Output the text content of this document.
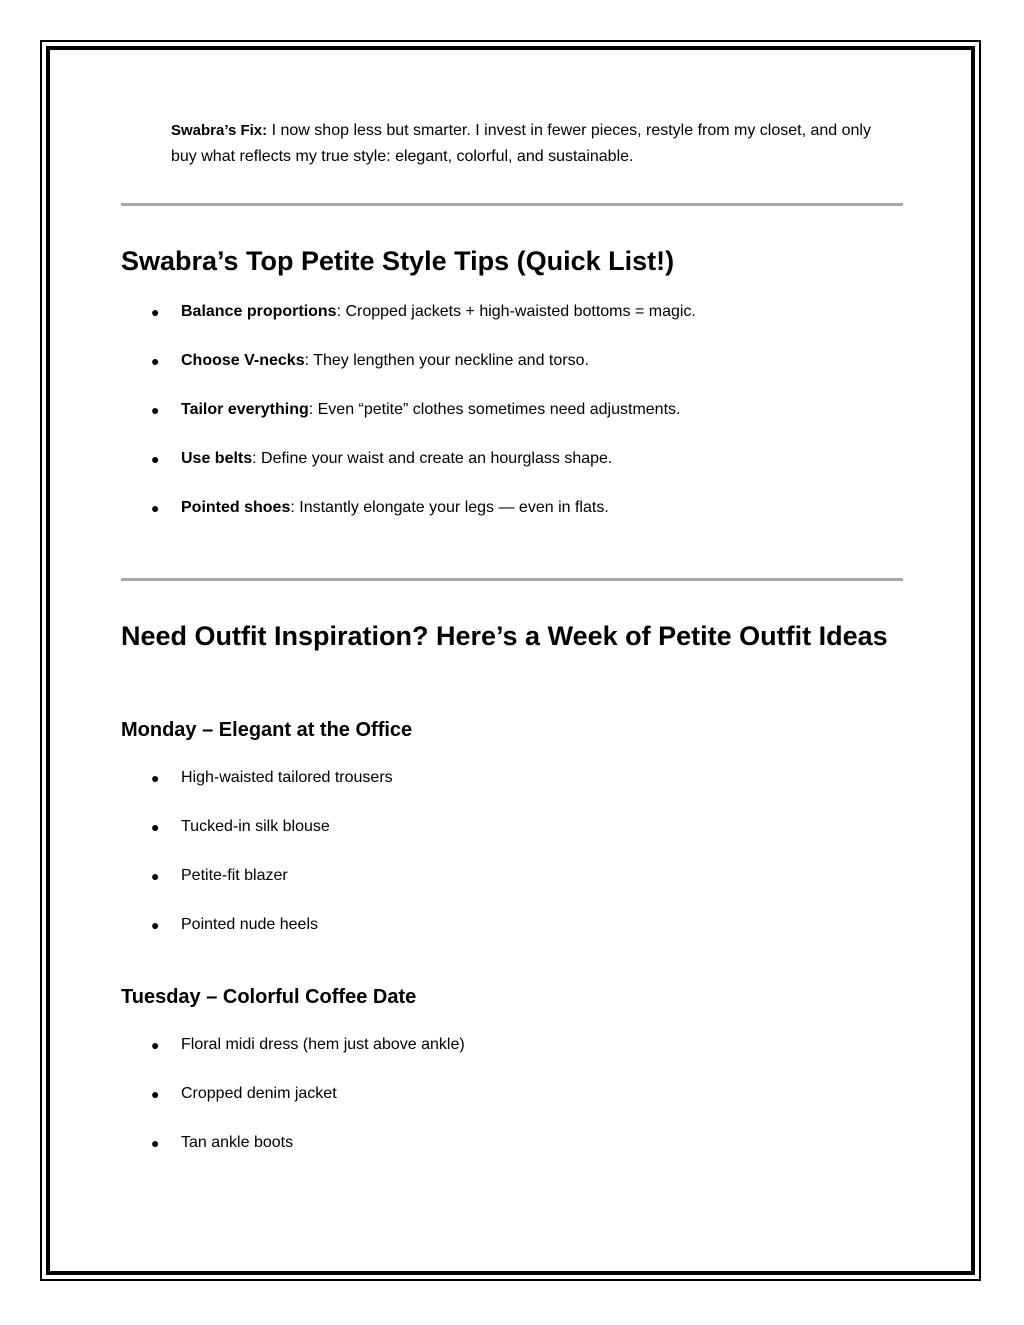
Swabra’s Fix: I now shop less but smarter. I invest in fewer pieces, restyle from my closet, and only buy what reflects my true style: elegant, colorful, and sustainable.

Swabra’s Top Petite Style Tips (Quick List!)
● Balance proportions: Cropped jackets + high-waisted bottoms = magic.
● Choose V-necks: They lengthen your neckline and torso.
● Tailor everything: Even “petite” clothes sometimes need adjustments.
● Use belts: Define your waist and create an hourglass shape.
● Pointed shoes: Instantly elongate your legs — even in flats.
Need Outfit Inspiration? Here’s a Week of Petite Outfit Ideas
Monday – Elegant at the Office
● High-waisted tailored trousers
● Tucked-in silk blouse
● Petite-fit blazer
● Pointed nude heels
Tuesday – Colorful Coffee Date
● Floral midi dress (hem just above ankle)
● Cropped denim jacket
● Tan ankle boots
